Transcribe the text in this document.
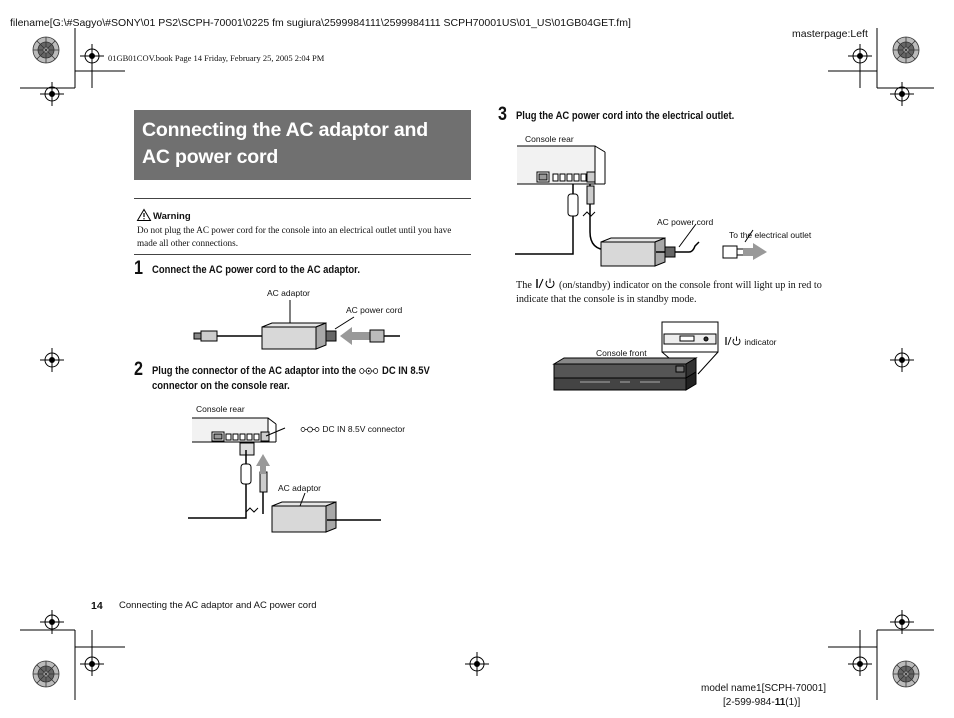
filename[G:\#Sagyo\#SONY\01 PS2\SCPH-70001\0225 fm sugiura\2599984111\2599984111 SCPH70001US\01_US\01GB04GET.fm]
masterpage:Left
01GB01COV.book Page 14 Friday, February 25, 2005 2:04 PM
Connecting the AC adaptor and
AC power cord
Warning
Do not plug the AC power cord for the console into an electrical outlet until you have made all other connections.
1 Connect the AC power cord to the AC adaptor.
AC adaptor
AC power cord
2 Plug the connector of the AC adaptor into the DC IN 8.5V
connector on the console rear.
Console rear
DC IN 8.5V connector
AC adaptor
3 Plug the AC power cord into the electrical outlet.
Console rear
AC power cord
To the electrical outlet
The	(on/standby) indicator on the console front will light up in red to indicate that the console is in standby mode.
Console front
indicator
14 Connecting the AC adaptor and AC power cord
model name1[SCPH-70001]
[2-599-984-11(1)]
